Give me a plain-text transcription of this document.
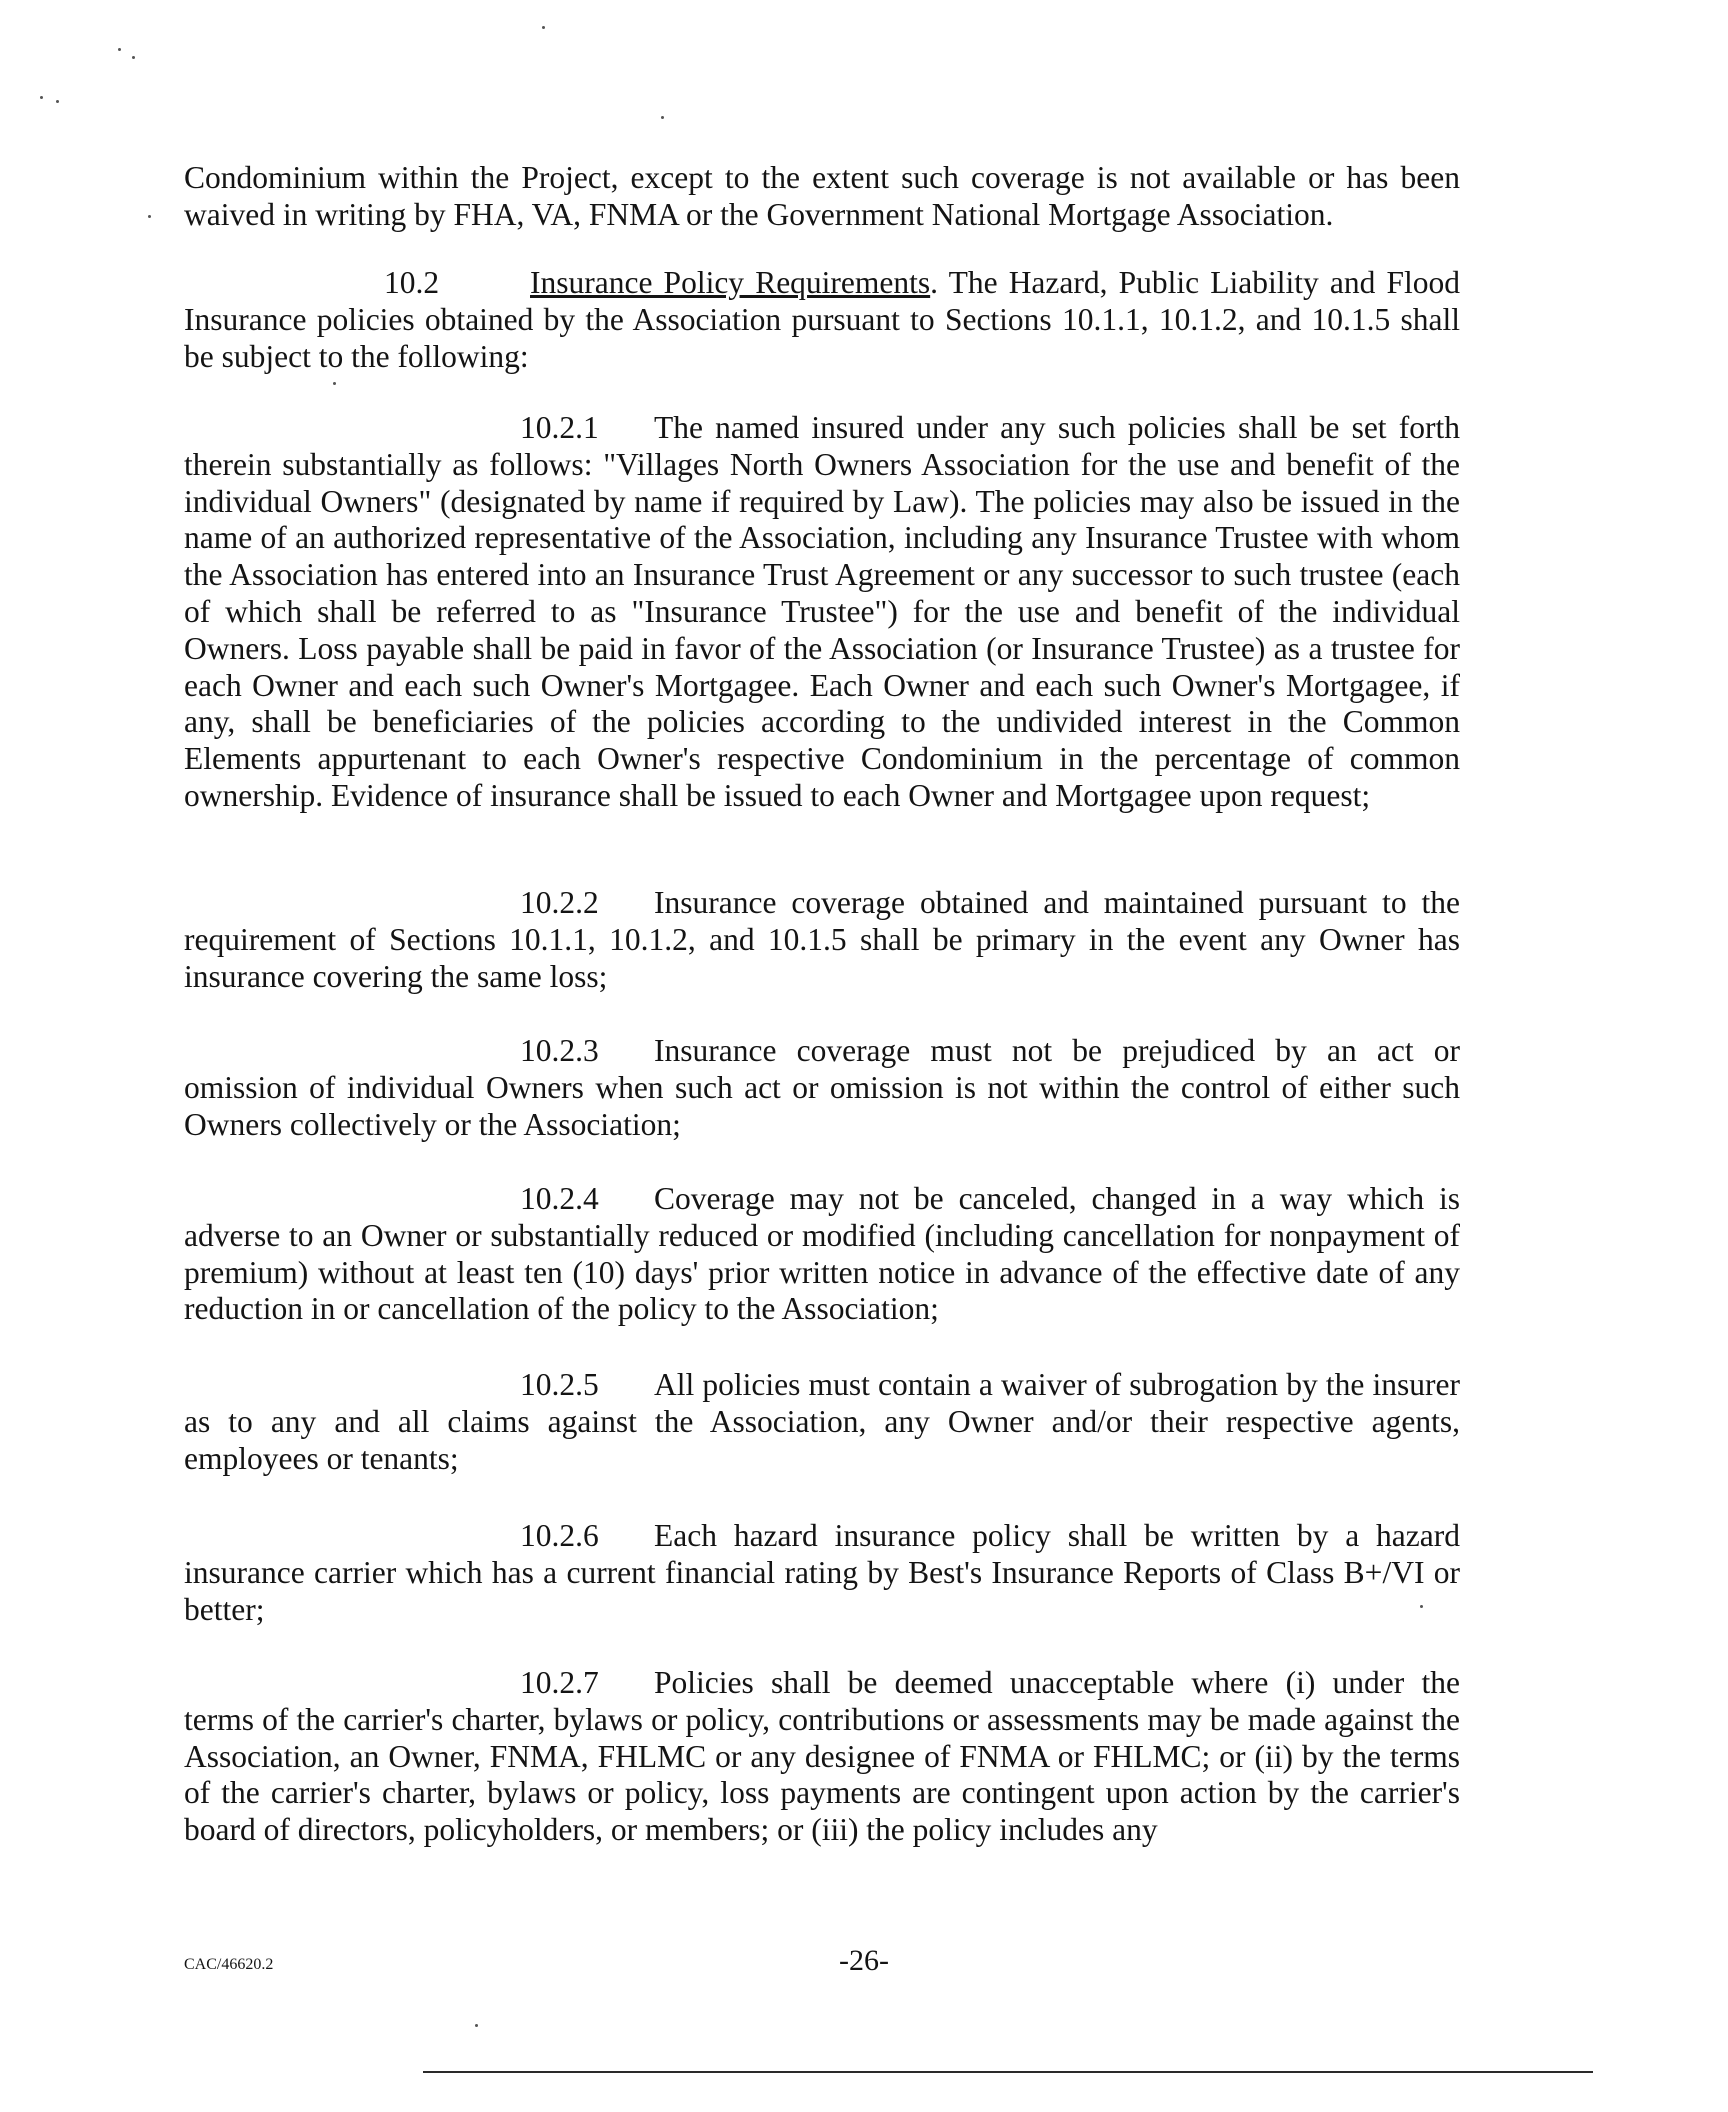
Condominium within the Project, except to the extent such coverage is not available or has been waived in writing by FHA, VA, FNMA or the Government National Mortgage Association.

10.2	Insurance Policy Requirements. The Hazard, Public Liability and Flood Insurance policies obtained by the Association pursuant to Sections 10.1.1, 10.1.2, and 10.1.5 shall be subject to the following:

10.2.1 The named insured under any such policies shall be set forth therein substantially as follows: "Villages North Owners Association for the use and benefit of the individual Owners" (designated by name if required by Law). The policies may also be issued in the name of an authorized representative of the Association, including any Insurance Trustee with whom the Association has entered into an Insurance Trust Agreement or any successor to such trustee (each of which shall be referred to as "Insurance Trustee") for the use and benefit of the individual Owners. Loss payable shall be paid in favor of the Association (or Insurance Trustee) as a trustee for each Owner and each such Owner's Mortgagee. Each Owner and each such Owner's Mortgagee, if any, shall be beneficiaries of the policies according to the undivided interest in the Common Elements appurtenant to each Owner's respective Condominium in the percentage of common ownership. Evidence of insurance shall be issued to each Owner and Mortgagee upon request;

10.2.2 Insurance coverage obtained and maintained pursuant to the requirement of Sections 10.1.1, 10.1.2, and 10.1.5 shall be primary in the event any Owner has insurance covering the same loss;

10.2.3 Insurance coverage must not be prejudiced by an act or omission of individual Owners when such act or omission is not within the control of either such Owners collectively or the Association;

10.2.4 Coverage may not be canceled, changed in a way which is adverse to an Owner or substantially reduced or modified (including cancellation for nonpayment of premium) without at least ten (10) days' prior written notice in advance of the effective date of any reduction in or cancellation of the policy to the Association;

10.2.5 All policies must contain a waiver of subrogation by the insurer as to any and all claims against the Association, any Owner and/or their respective agents, employees or tenants;

10.2.6 Each hazard insurance policy shall be written by a hazard insurance carrier which has a current financial rating by Best's Insurance Reports of Class B+/VI or better;

10.2.7 Policies shall be deemed unacceptable where (i) under the terms of the carrier's charter, bylaws or policy, contributions or assessments may be made against the Association, an Owner, FNMA, FHLMC or any designee of FNMA or FHLMC; or (ii) by the terms of the carrier's charter, bylaws or policy, loss payments are contingent upon action by the carrier's board of directors, policyholders, or members; or (iii) the policy includes any

CAC/46620.2	-26-
